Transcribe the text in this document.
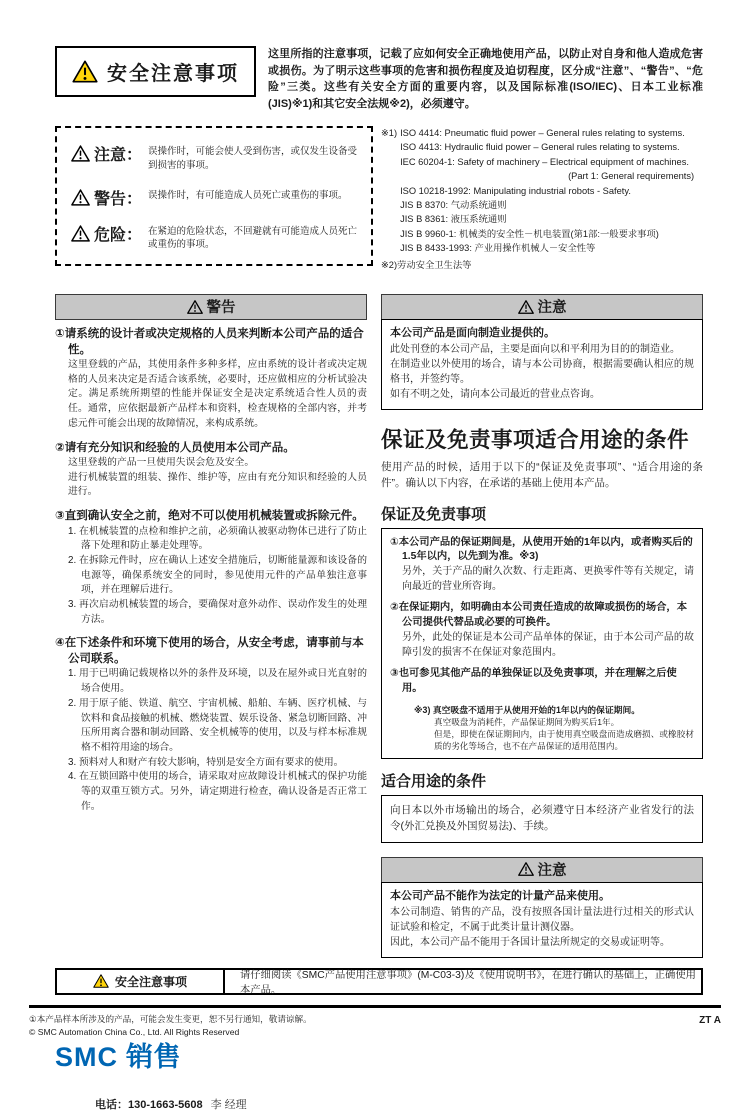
安全注意事项
这里所指的注意事项，记载了应如何安全正确地使用产品，以防止对自身和他人造成危害或损伤。为了明示这些事项的危害和损伤程度及迫切程度，区分成“注意”、“警告”、“危险”三类。这些有关安全方面的重要内容，以及国际标准(ISO/IEC)、日本工业标准(JIS)※1)和其它安全法规※2)，必须遵守。
注意： 误操作时，可能会使人受到伤害，或仅发生设备受到损害的事项。
警告： 误操作时，有可能造成人员死亡或重伤的事项。
危险： 在紧迫的危险状态，不回避就有可能造成人员死亡或重伤的事项。
※1) ISO 4414: Pneumatic fluid power – General rules relating to systems.
ISO 4413: Hydraulic fluid power – General rules relating to systems.
IEC 60204-1: Safety of machinery – Electrical equipment of machines.
(Part 1: General requirements)
ISO 10218-1992: Manipulating industrial robots - Safety.
JIS B 8370: 气动系统通则
JIS B 8361: 液压系统通则
JIS B 9960-1: 机械类的安全性－机电装置(第1部:一般要求事项)
JIS B 8433-1993: 产业用操作机械人－安全性等
※2)劳动安全卫生法等
警告
①请系统的设计者或决定规格的人员来判断本公司产品的适合性。
这里登载的产品，其使用条件多种多样，应由系统的设计者或决定规格的人员来决定是否适合该系统，必要时，还应做相应的分析试验决定。满足系统所期望的性能并保证安全是决定系统适合性人员的责任。通常，应依据最新产品样本和资料，检查规格的全部内容，并考虑元件可能会出现的故障情况，来构成系统。
②请有充分知识和经验的人员使用本公司产品。
这里登载的产品一旦使用失误会危及安全。
进行机械装置的组装、操作、维护等，应由有充分知识和经验的人员进行。
③直到确认安全之前，绝对不可以使用机械装置或拆除元件。
1. 在机械装置的点检和维护之前，必须确认被驱动物体已进行了防止落下处理和防止暴走处理等。
2. 在拆除元件时，应在确认上述安全措施后，切断能量源和该设备的电源等，确保系统安全的同时，参见使用元件的产品单独注意事项，并在理解后进行。
3. 再次启动机械装置的场合，要确保对意外动作、误动作发生的处理方法。
④在下述条件和环境下使用的场合，从安全考虑，请事前与本公司联系。
1. 用于已明确记载规格以外的条件及环境，以及在屋外或日光直射的场合使用。
2. 用于原子能、铁道、航空、宇宙机械、船舶、车辆、医疗机械、与饮料和食品接触的机械、燃烧装置、娱乐设备、紧急切断回路、冲压所用离合器和制动回路、安全机械等的使用，以及与样本标准规格不相符用途的场合。
3. 预料对人和财产有较大影响，特别是安全方面有要求的使用。
4. 在互锁回路中使用的场合，请采取对应故障设计机械式的保护功能等的双重互锁方式。另外，请定期进行检查，确认设备是否正常工作。
注意
本公司产品是面向制造业提供的。
此处刊登的本公司产品，主要是面向以和平利用为目的的制造业。
在制造业以外使用的场合，请与本公司协商，根据需要确认相应的规格书，并签约等。
如有不明之处，请向本公司最近的营业点咨询。
保证及免责事项适合用途的条件
使用产品的时候，适用于以下的“保证及免责事项”、“适合用途的条件”。确认以下内容，在承诺的基础上使用本产品。
保证及免责事项
①本公司产品的保证期间是，从使用开始的1年以内，或者购买后的1.5年以内，以先到为准。※3)
另外，关于产品的耐久次数、行走距离、更换零件等有关规定，请向最近的营业所咨询。
②在保证期内，如明确由本公司责任造成的故障或损伤的场合，本公司提供代替品或必要的可换件。
另外，此处的保证是本公司产品单体的保证，由于本公司产品的故障引发的损害不在保证对象范围内。
③也可参见其他产品的单独保证以及免责事项，并在理解之后使用。
※3) 真空吸盘不适用于从使用开始的1年以内的保证期间。
真空吸盘为消耗件，产品保证期间为购买后1年。
但是，即使在保证期间内，由于使用真空吸盘而造成磨损、或橡胶材质的劣化等场合，也不在产品保证的适用范围内。
适合用途的条件
向日本以外市场输出的场合，必须遵守日本经济产业省发行的法令(外汇兑换及外国贸易法)、手续。
注意
本公司产品不能作为法定的计量产品来使用。
本公司制造、销售的产品，没有按照各国计量法进行过相关的形式认证试验和检定，不属于此类计量计测仪器。
因此，本公司产品不能用于各国计量法所规定的交易或证明等。
安全注意事项	请仔细阅读《SMC产品使用注意事项》(M-C03-3)及《使用说明书》，在进行确认的基础上，正确使用本产品。
SMC 销售
电话：130-1663-5608 李 经理
①本产品样本所涉及的产品，可能会发生变更，恕不另行通知，敬请谅解。
© SMC Automation China Co., Ltd. All Rights Reserved
ZT A
